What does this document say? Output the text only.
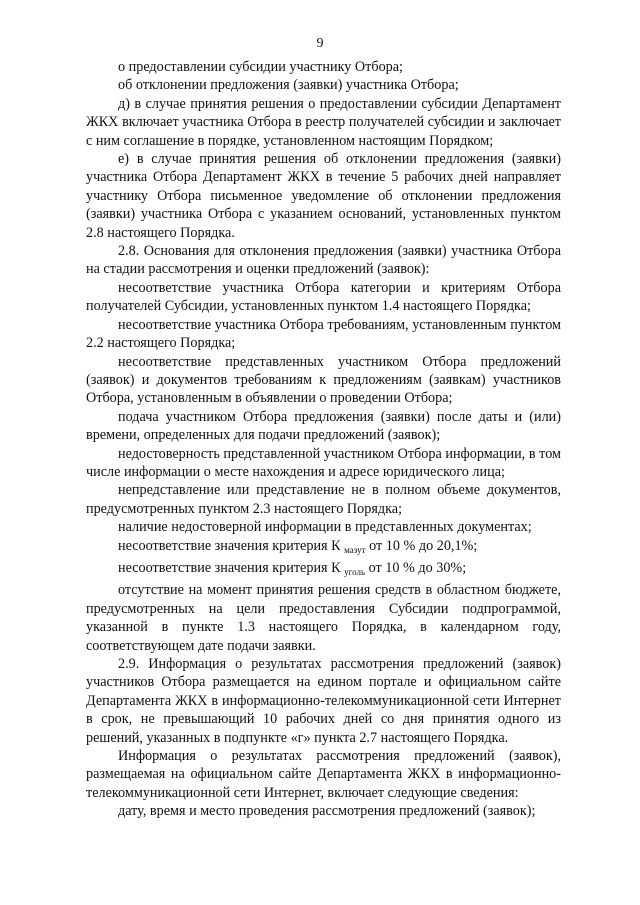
9

о предоставлении субсидии участнику Отбора;

об отклонении предложения (заявки) участника Отбора;

д) в случае принятия решения о предоставлении субсидии Департамент ЖКХ включает участника Отбора в реестр получателей субсидии и заключает с ним соглашение в порядке, установленном настоящим Порядком;

е) в случае принятия решения об отклонении предложения (заявки) участника Отбора Департамент ЖКХ в течение 5 рабочих дней направляет участнику Отбора письменное уведомление об отклонении предложения (заявки) участника Отбора с указанием оснований, установленных пунктом 2.8 настоящего Порядка.

2.8. Основания для отклонения предложения (заявки) участника Отбора на стадии рассмотрения и оценки предложений (заявок):

несоответствие участника Отбора категории и критериям Отбора получателей Субсидии, установленных пунктом 1.4 настоящего Порядка;

несоответствие участника Отбора требованиям, установленным пунктом 2.2 настоящего Порядка;

несоответствие представленных участником Отбора предложений (заявок) и документов требованиям к предложениям (заявкам) участников Отбора, установленным в объявлении о проведении Отбора;

подача участником Отбора предложения (заявки) после даты и (или) времени, определенных для подачи предложений (заявок);

недостоверность представленной участником Отбора информации, в том числе информации о месте нахождения и адресе юридического лица;

непредставление или представление не в полном объеме документов, предусмотренных пунктом 2.3 настоящего Порядка;

наличие недостоверной информации в представленных документах;

несоответствие значения критерия К $_{мазут}$ от 10 % до 20,1%;

несоответствие значения критерия К $_{уголь}$ от 10 % до 30%;

отсутствие на момент принятия решения средств в областном бюджете, предусмотренных на цели предоставления Субсидии подпрограммой, указанной в пункте 1.3 настоящего Порядка, в календарном году, соответствующем дате подачи заявки.

2.9. Информация о результатах рассмотрения предложений (заявок) участников Отбора размещается на едином портале и официальном сайте Департамента ЖКХ в информационно-телекоммуникационной сети Интернет в срок, не превышающий 10 рабочих дней со дня принятия одного из решений, указанных в подпункте «г» пункта 2.7 настоящего Порядка.

Информация о результатах рассмотрения предложений (заявок), размещаемая на официальном сайте Департамента ЖКХ в информационно-телекоммуникационной сети Интернет, включает следующие сведения:

дату, время и место проведения рассмотрения предложений (заявок);
